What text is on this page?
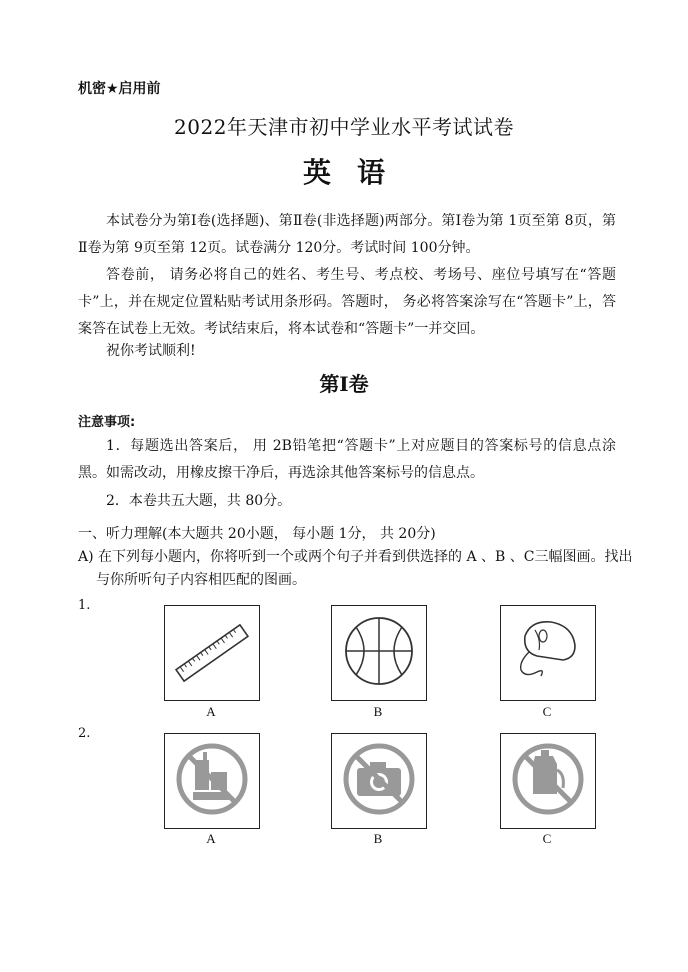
机密★启用前
2022年天津市初中学业水平考试试卷
英语
本试卷分为第Ⅰ卷(选择题)、第Ⅱ卷(非选择题)两部分。第Ⅰ卷为第 1页至第 8页，第Ⅱ卷为第 9页至第 12页。试卷满分 120分。考试时间 100分钟。
答卷前， 请务必将自己的姓名、考生号、考点校、考场号、座位号填写在“答题卡”上，并在规定位置粘贴考试用条形码。答题时， 务必将答案涂写在“答题卡”上，答案答在试卷上无效。考试结束后，将本试卷和“答题卡”一并交回。
祝你考试顺利!
第Ⅰ卷
注意事项:
1．每题选出答案后， 用 2B铅笔把“答题卡”上对应题目的答案标号的信息点涂黑。如需改动，用橡皮擦干净后，再选涂其他答案标号的信息点。
2．本卷共五大题，共 80分。
一、听力理解(本大题共 20小题， 每小题 1分， 共 20分)
A) 在下列每小题内，你将听到一个或两个句子并看到供选择的 A 、B 、C三幅图画。找出与你所听句子内容相匹配的图画。
1.
A	B	C
2.
A	B	C
